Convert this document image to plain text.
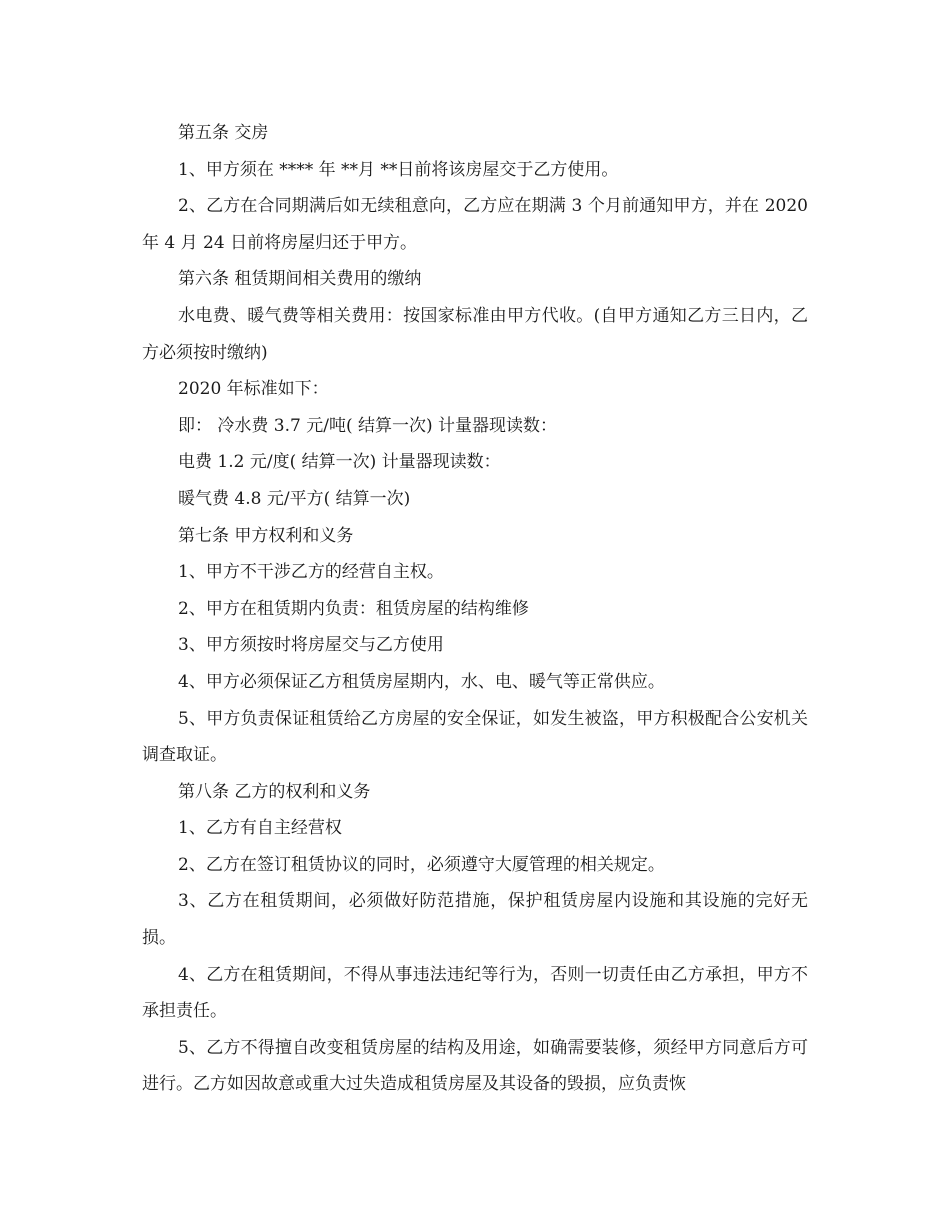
第五条 交房

1、甲方须在 **** 年 **月 **日前将该房屋交于乙方使用。

2、乙方在合同期满后如无续租意向，乙方应在期满 3 个月前通知甲方，并在 2020 年 4 月 24 日前将房屋归还于甲方。

第六条 租赁期间相关费用的缴纳

水电费、暖气费等相关费用：按国家标准由甲方代收。(自甲方通知乙方三日内，乙方必须按时缴纳)

2020 年标准如下：

即： 冷水费 3.7 元/吨( 结算一次) 计量器现读数：

电费 1.2 元/度( 结算一次) 计量器现读数：

暖气费 4.8 元/平方( 结算一次)

第七条 甲方权利和义务

1、甲方不干涉乙方的经营自主权。

2、甲方在租赁期内负责：租赁房屋的结构维修

3、甲方须按时将房屋交与乙方使用

4、甲方必须保证乙方租赁房屋期内，水、电、暖气等正常供应。

5、甲方负责保证租赁给乙方房屋的安全保证，如发生被盗，甲方积极配合公安机关调查取证。

第八条 乙方的权利和义务

1、乙方有自主经营权

2、乙方在签订租赁协议的同时，必须遵守大厦管理的相关规定。

3、乙方在租赁期间，必须做好防范措施，保护租赁房屋内设施和其设施的完好无损。

4、乙方在租赁期间，不得从事违法违纪等行为，否则一切责任由乙方承担，甲方不承担责任。

5、乙方不得擅自改变租赁房屋的结构及用途，如确需要装修，须经甲方同意后方可进行。乙方如因故意或重大过失造成租赁房屋及其设备的毁损，应负责恢
